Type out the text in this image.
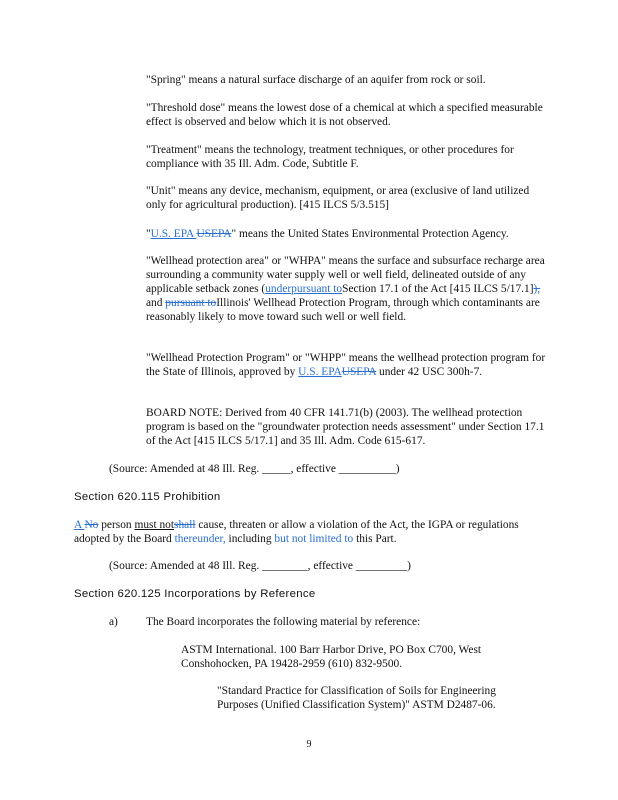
"Spring" means a natural surface discharge of an aquifer from rock or soil.

"Threshold dose" means the lowest dose of a chemical at which a specified measurable effect is observed and below which it is not observed.

"Treatment" means the technology, treatment techniques, or other procedures for compliance with 35 Ill. Adm. Code, Subtitle F.

"Unit" means any device, mechanism, equipment, or area (exclusive of land utilized only for agricultural production). [415 ILCS 5/3.515]

"U.S. EPA USEPA" means the United States Environmental Protection Agency.

"Wellhead protection area" or "WHPA" means the surface and subsurface recharge area surrounding a community water supply well or well field, delineated outside of any applicable setback zones (underpursuant toSection 17.1 of the Act [415 ILCS 5/17.1]), and pursuant toIllinois' Wellhead Protection Program, through which contaminants are reasonably likely to move toward such well or well field.

"Wellhead Protection Program" or "WHPP" means the wellhead protection program for the State of Illinois, approved by U.S. EPAUSEPA under 42 USC 300h-7.

BOARD NOTE: Derived from 40 CFR 141.71(b) (2003). The wellhead protection program is based on the "groundwater protection needs assessment" under Section 17.1 of the Act [415 ILCS 5/17.1] and 35 Ill. Adm. Code 615-617.

(Source: Amended at 48 Ill. Reg. _____, effective __________)

Section 620.115 Prohibition

A No person must notshall cause, threaten or allow a violation of the Act, the IGPA or regulations adopted by the Board thereunder, including but not limited to this Part.

(Source: Amended at 48 Ill. Reg. ________, effective _________)

Section 620.125 Incorporations by Reference

a) The Board incorporates the following material by reference:

ASTM International. 100 Barr Harbor Drive, PO Box C700, West Conshohocken, PA 19428-2959 (610) 832-9500.

"Standard Practice for Classification of Soils for Engineering Purposes (Unified Classification System)" ASTM D2487-06.

9
